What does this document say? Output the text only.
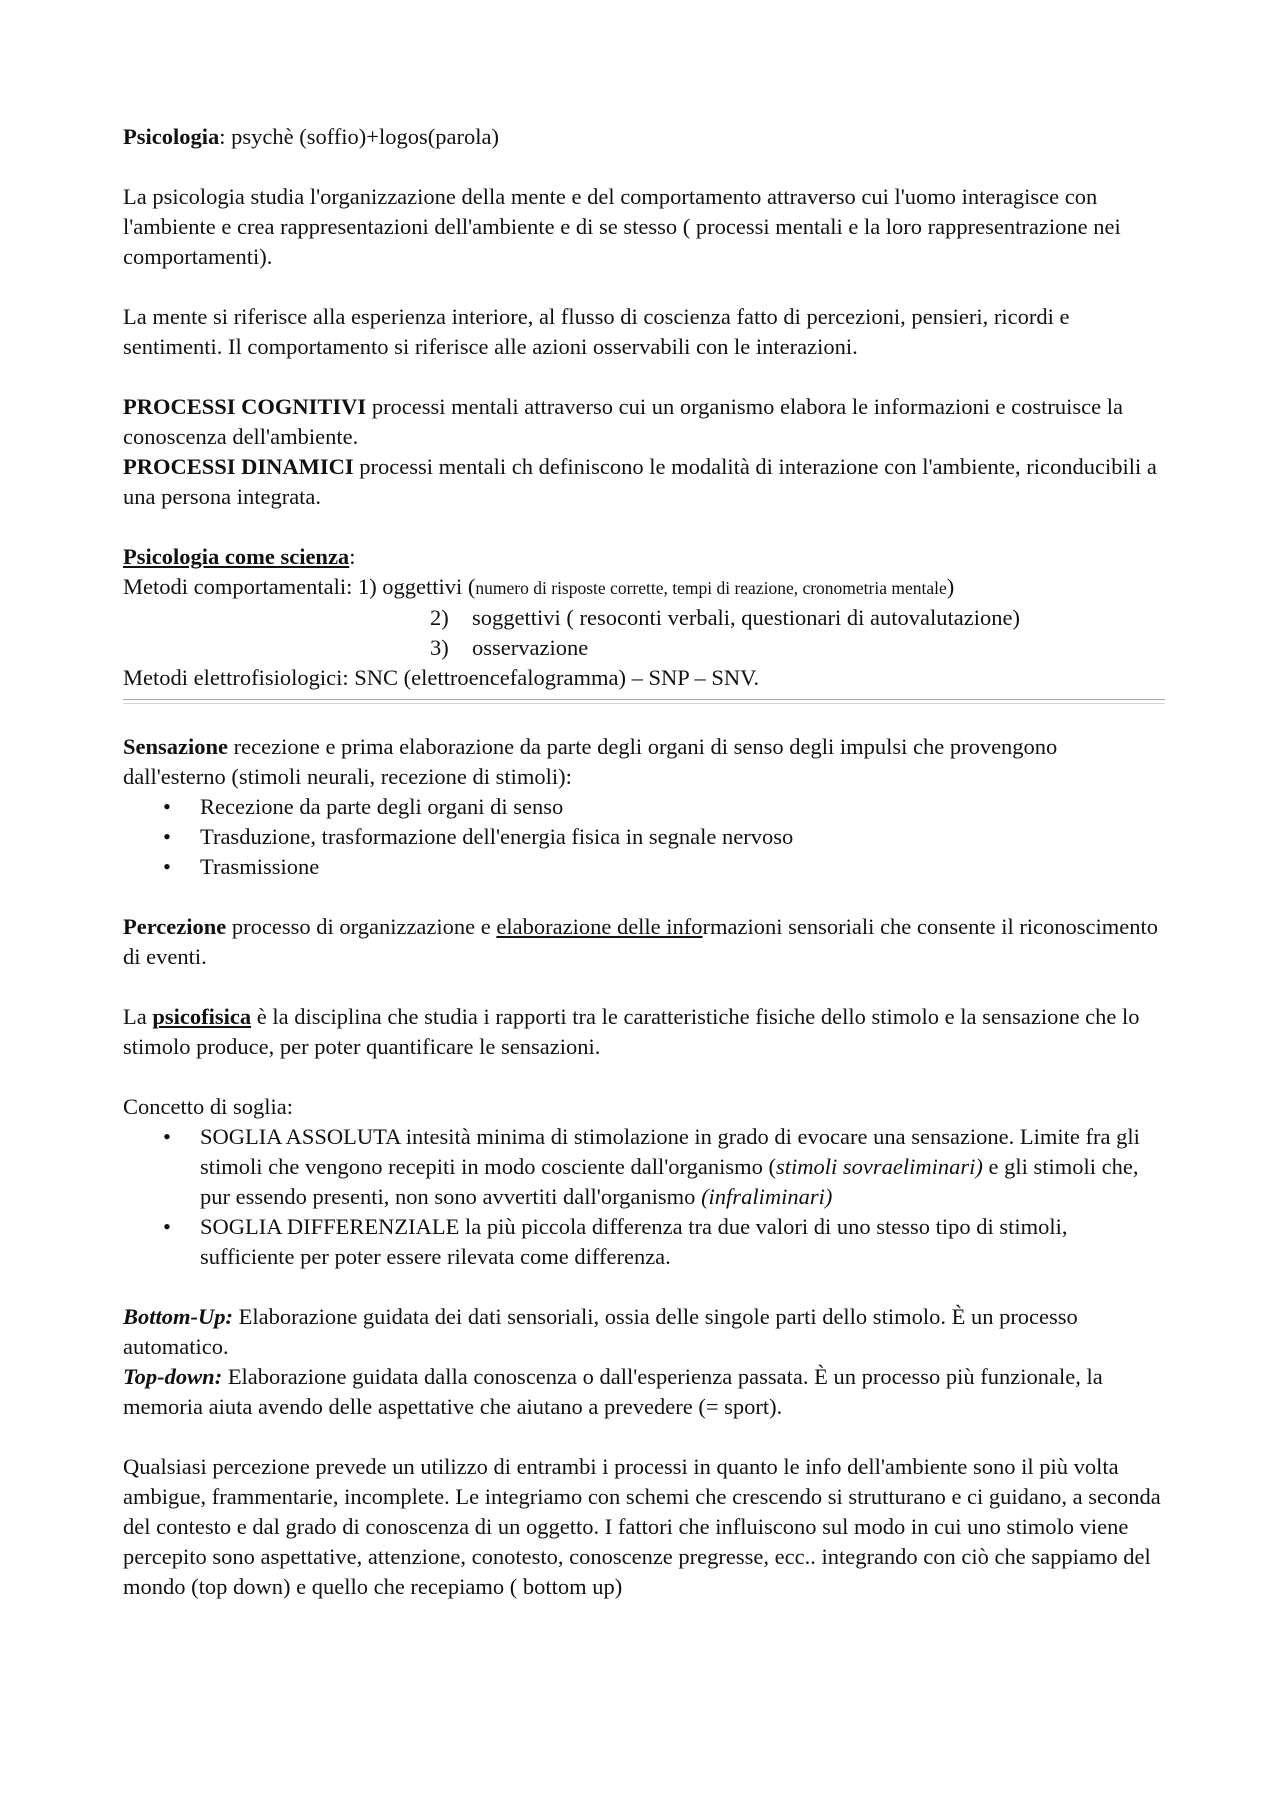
Psicologia: psychè (soffio)+logos(parola)

La psicologia studia l'organizzazione della mente e del comportamento attraverso cui l'uomo interagisce con l'ambiente e crea rappresentazioni dell'ambiente e di se stesso ( processi mentali e la loro rappresentrazione nei comportamenti).

La mente si riferisce alla esperienza interiore, al flusso di coscienza fatto di percezioni, pensieri, ricordi e sentimenti. Il comportamento si riferisce alle azioni osservabili con le interazioni.

PROCESSI COGNITIVI processi mentali attraverso cui un organismo elabora le informazioni e costruisce la conoscenza dell'ambiente.

PROCESSI DINAMICI processi mentali ch definiscono le modalità di interazione con l'ambiente, riconducibili a una persona integrata.

Psicologia come scienza:

Metodi comportamentali: 1) oggettivi (numero di risposte corrette, tempi di reazione, cronometria mentale)

2)	soggettivi ( resoconti verbali, questionari di autovalutazione)
3)	osservazione

Metodi elettrofisiologici: SNC (elettroencefalogramma) – SNP – SNV.

Sensazione recezione e prima elaborazione da parte degli organi di senso degli impulsi che provengono dall'esterno (stimoli neurali, recezione di stimoli):

•	Recezione da parte degli organi di senso
•	Trasduzione, trasformazione dell'energia fisica in segnale nervoso
•	Trasmissione

Percezione processo di organizzazione e elaborazione delle informazioni sensoriali che consente il riconoscimento di eventi.

La psicofisica è la disciplina che studia i rapporti tra le caratteristiche fisiche dello stimolo e la sensazione che lo stimolo produce, per poter quantificare le sensazioni.

Concetto di soglia:

•	SOGLIA ASSOLUTA intesità minima di stimolazione in grado di evocare una sensazione. Limite fra gli stimoli che vengono recepiti in modo cosciente dall'organismo (stimoli sovraeliminari) e gli stimoli che, pur essendo presenti, non sono avvertiti dall'organismo (infraliminari)
•	SOGLIA DIFFERENZIALE la più piccola differenza tra due valori di uno stesso tipo di stimoli, sufficiente per poter essere rilevata come differenza.

Bottom-Up: Elaborazione guidata dei dati sensoriali, ossia delle singole parti dello stimolo. È un processo automatico.

Top-down: Elaborazione guidata dalla conoscenza o dall'esperienza passata. È un processo più funzionale, la memoria aiuta avendo delle aspettative che aiutano a prevedere (= sport).

Qualsiasi percezione prevede un utilizzo di entrambi i processi in quanto le info dell'ambiente sono il più volta ambigue, frammentarie, incomplete. Le integriamo con schemi che crescendo si strutturano e ci guidano, a seconda del contesto e dal grado di conoscenza di un oggetto. I fattori che influiscono sul modo in cui uno stimolo viene percepito sono aspettative, attenzione, conotesto, conoscenze pregresse, ecc.. integrando con ciò che sappiamo del mondo (top down) e quello che recepiamo ( bottom up)
